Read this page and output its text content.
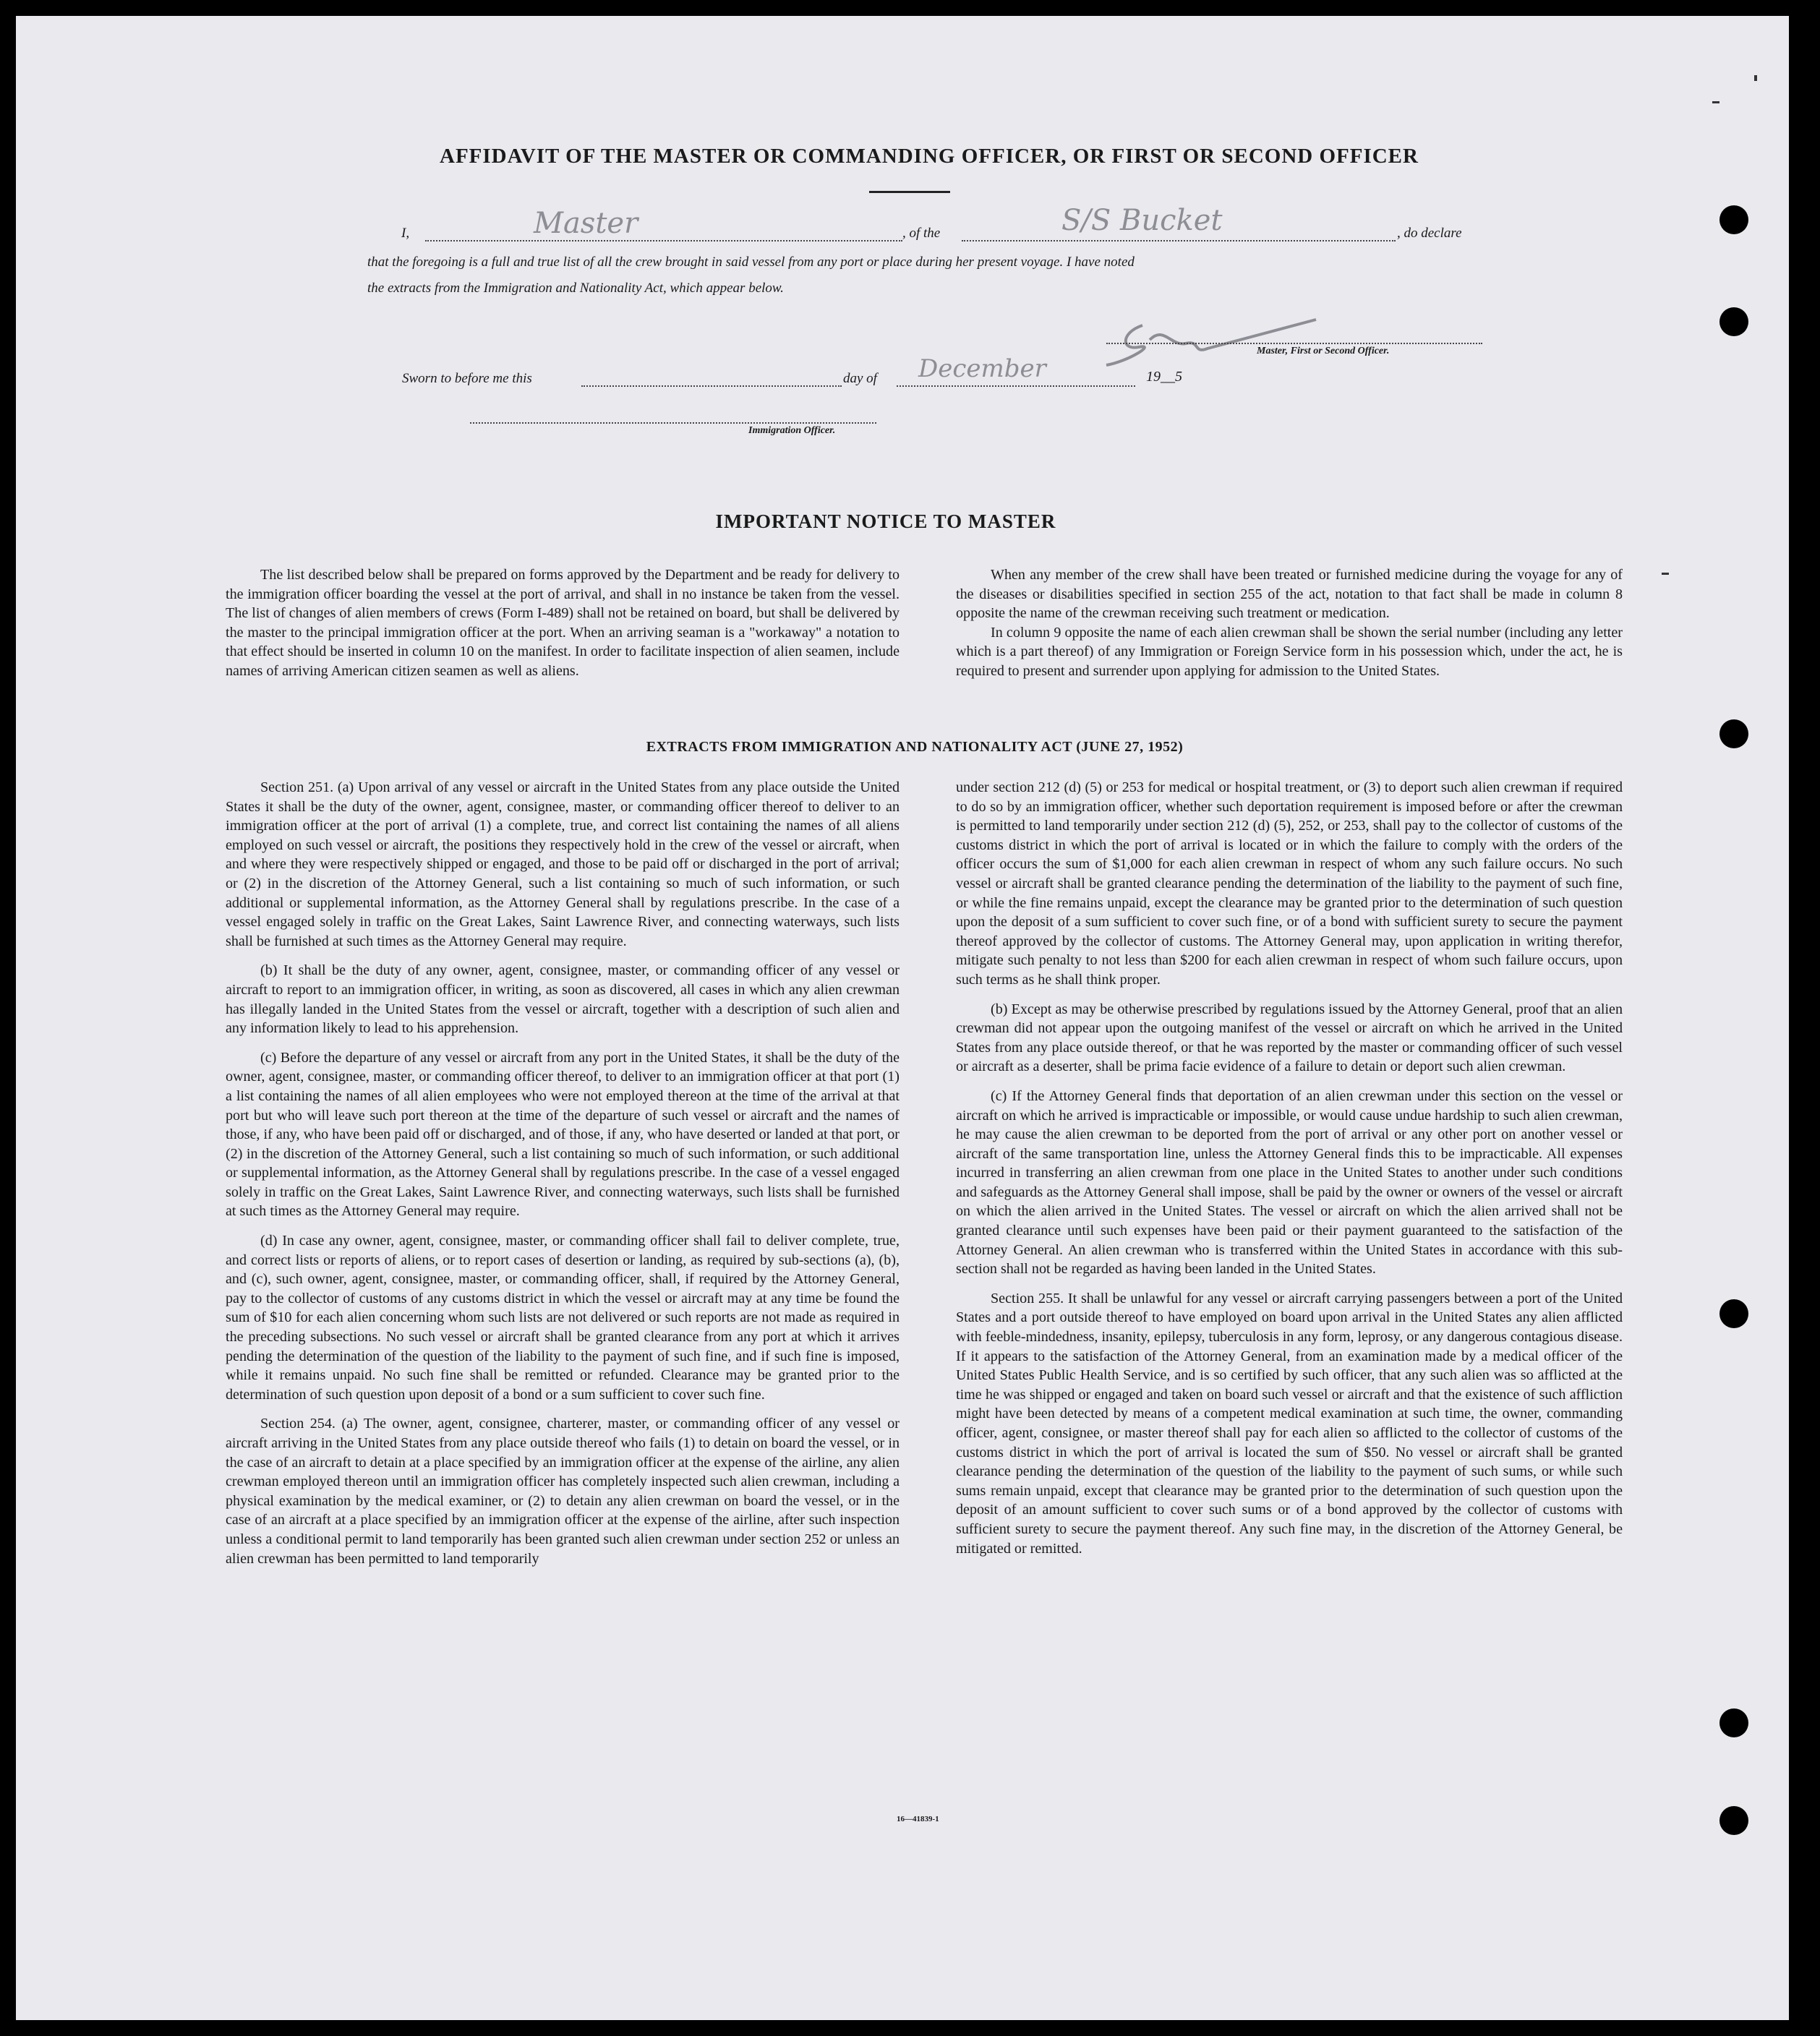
AFFIDAVIT OF THE MASTER OR COMMANDING OFFICER, OR FIRST OR SECOND OFFICER
I,	Master	, of the	S/S Bucket	, do declare
that the foregoing is a full and true list of all the crew brought in said vessel from any port or place during her present voyage. I have noted
the extracts from the Immigration and Nationality Act, which appear below.
Master, First or Second Officer.
Sworn to before me this	day of December	19__5
Immigration Officer.
IMPORTANT NOTICE TO MASTER

The list described below shall be prepared on forms approved by the Department and be ready for delivery to the immigration officer boarding the vessel at the port of arrival, and shall in no instance be taken from the vessel. The list of changes of alien members of crews (Form I-489) shall not be retained on board, but shall be delivered by the master to the principal immigration officer at the port. When an arriving seaman is a "workaway" a notation to that effect should be inserted in column 10 on the manifest. In order to facilitate inspection of alien seamen, include names of arriving American citizen seamen as well as aliens.

When any member of the crew shall have been treated or furnished medicine during the voyage for any of the diseases or disabilities specified in section 255 of the act, notation to that fact shall be made in column 8 opposite the name of the crewman receiving such treatment or medication.

In column 9 opposite the name of each alien crewman shall be shown the serial number (including any letter which is a part thereof) of any Immigration or Foreign Service form in his possession which, under the act, he is required to present and surrender upon applying for admission to the United States.

EXTRACTS FROM IMMIGRATION AND NATIONALITY ACT (JUNE 27, 1952)

Section 251. (a) Upon arrival of any vessel or aircraft in the United States from any place outside the United States it shall be the duty of the owner, agent, consignee, master, or commanding officer thereof to deliver to an immigration officer at the port of arrival (1) a complete, true, and correct list containing the names of all aliens employed on such vessel or aircraft, the positions they respectively hold in the crew of the vessel or aircraft, when and where they were respectively shipped or engaged, and those to be paid off or discharged in the port of arrival; or (2) in the discretion of the Attorney General, such a list containing so much of such information, or such additional or supplemental information, as the Attorney General shall by regulations prescribe. In the case of a vessel engaged solely in traffic on the Great Lakes, Saint Lawrence River, and connecting waterways, such lists shall be furnished at such times as the Attorney General may require.

(b) It shall be the duty of any owner, agent, consignee, master, or commanding officer of any vessel or aircraft to report to an immigration officer, in writing, as soon as discovered, all cases in which any alien crewman has illegally landed in the United States from the vessel or aircraft, together with a description of such alien and any information likely to lead to his apprehension.

(c) Before the departure of any vessel or aircraft from any port in the United States, it shall be the duty of the owner, agent, consignee, master, or commanding officer thereof, to deliver to an immigration officer at that port (1) a list containing the names of all alien employees who were not employed thereon at the time of the arrival at that port but who will leave such port thereon at the time of the departure of such vessel or aircraft and the names of those, if any, who have been paid off or discharged, and of those, if any, who have deserted or landed at that port, or (2) in the discretion of the Attorney General, such a list containing so much of such information, or such additional or supplemental information, as the Attorney General shall by regulations prescribe. In the case of a vessel engaged solely in traffic on the Great Lakes, Saint Lawrence River, and connecting waterways, such lists shall be furnished at such times as the Attorney General may require.

(d) In case any owner, agent, consignee, master, or commanding officer shall fail to deliver complete, true, and correct lists or reports of aliens, or to report cases of desertion or landing, as required by sub-sections (a), (b), and (c), such owner, agent, consignee, master, or commanding officer, shall, if required by the Attorney General, pay to the collector of customs of any customs district in which the vessel or aircraft may at any time be found the sum of $10 for each alien concerning whom such lists are not delivered or such reports are not made as required in the preceding subsections. No such vessel or aircraft shall be granted clearance from any port at which it arrives pending the determination of the question of the liability to the payment of such fine, and if such fine is imposed, while it remains unpaid. No such fine shall be remitted or refunded. Clearance may be granted prior to the determination of such question upon deposit of a bond or a sum sufficient to cover such fine.

Section 254. (a) The owner, agent, consignee, charterer, master, or commanding officer of any vessel or aircraft arriving in the United States from any place outside thereof who fails (1) to detain on board the vessel, or in the case of an aircraft to detain at a place specified by an immigration officer at the expense of the airline, any alien crewman employed thereon until an immigration officer has completely inspected such alien crewman, including a physical examination by the medical examiner, or (2) to detain any alien crewman on board the vessel, or in the case of an aircraft at a place specified by an immigration officer at the expense of the airline, after such inspection unless a conditional permit to land temporarily has been granted such alien crewman under section 252 or unless an alien crewman has been permitted to land temporarily

under section 212 (d) (5) or 253 for medical or hospital treatment, or (3) to deport such alien crewman if required to do so by an immigration officer, whether such deportation requirement is imposed before or after the crewman is permitted to land temporarily under section 212 (d) (5), 252, or 253, shall pay to the collector of customs of the customs district in which the port of arrival is located or in which the failure to comply with the orders of the officer occurs the sum of $1,000 for each alien crewman in respect of whom any such failure occurs. No such vessel or aircraft shall be granted clearance pending the determination of the liability to the payment of such fine, or while the fine remains unpaid, except the clearance may be granted prior to the determination of such question upon the deposit of a sum sufficient to cover such fine, or of a bond with sufficient surety to secure the payment thereof approved by the collector of customs. The Attorney General may, upon application in writing therefor, mitigate such penalty to not less than $200 for each alien crewman in respect of whom such failure occurs, upon such terms as he shall think proper.

(b) Except as may be otherwise prescribed by regulations issued by the Attorney General, proof that an alien crewman did not appear upon the outgoing manifest of the vessel or aircraft on which he arrived in the United States from any place outside thereof, or that he was reported by the master or commanding officer of such vessel or aircraft as a deserter, shall be prima facie evidence of a failure to detain or deport such alien crewman.

(c) If the Attorney General finds that deportation of an alien crewman under this section on the vessel or aircraft on which he arrived is impracticable or impossible, or would cause undue hardship to such alien crewman, he may cause the alien crewman to be deported from the port of arrival or any other port on another vessel or aircraft of the same transportation line, unless the Attorney General finds this to be impracticable. All expenses incurred in transferring an alien crewman from one place in the United States to another under such conditions and safeguards as the Attorney General shall impose, shall be paid by the owner or owners of the vessel or aircraft on which the alien arrived in the United States. The vessel or aircraft on which the alien arrived shall not be granted clearance until such expenses have been paid or their payment guaranteed to the satisfaction of the Attorney General. An alien crewman who is transferred within the United States in accordance with this sub-section shall not be regarded as having been landed in the United States.

Section 255. It shall be unlawful for any vessel or aircraft carrying passengers between a port of the United States and a port outside thereof to have employed on board upon arrival in the United States any alien afflicted with feeble-mindedness, insanity, epilepsy, tuberculosis in any form, leprosy, or any dangerous contagious disease. If it appears to the satisfaction of the Attorney General, from an examination made by a medical officer of the United States Public Health Service, and is so certified by such officer, that any such alien was so afflicted at the time he was shipped or engaged and taken on board such vessel or aircraft and that the existence of such affliction might have been detected by means of a competent medical examination at such time, the owner, commanding officer, agent, consignee, or master thereof shall pay for each alien so afflicted to the collector of customs of the customs district in which the port of arrival is located the sum of $50. No vessel or aircraft shall be granted clearance pending the determination of the question of the liability to the payment of such sums, or while such sums remain unpaid, except that clearance may be granted prior to the determination of such question upon the deposit of an amount sufficient to cover such sums or of a bond approved by the collector of customs with sufficient surety to secure the payment thereof. Any such fine may, in the discretion of the Attorney General, be mitigated or remitted.

16—41839-1
